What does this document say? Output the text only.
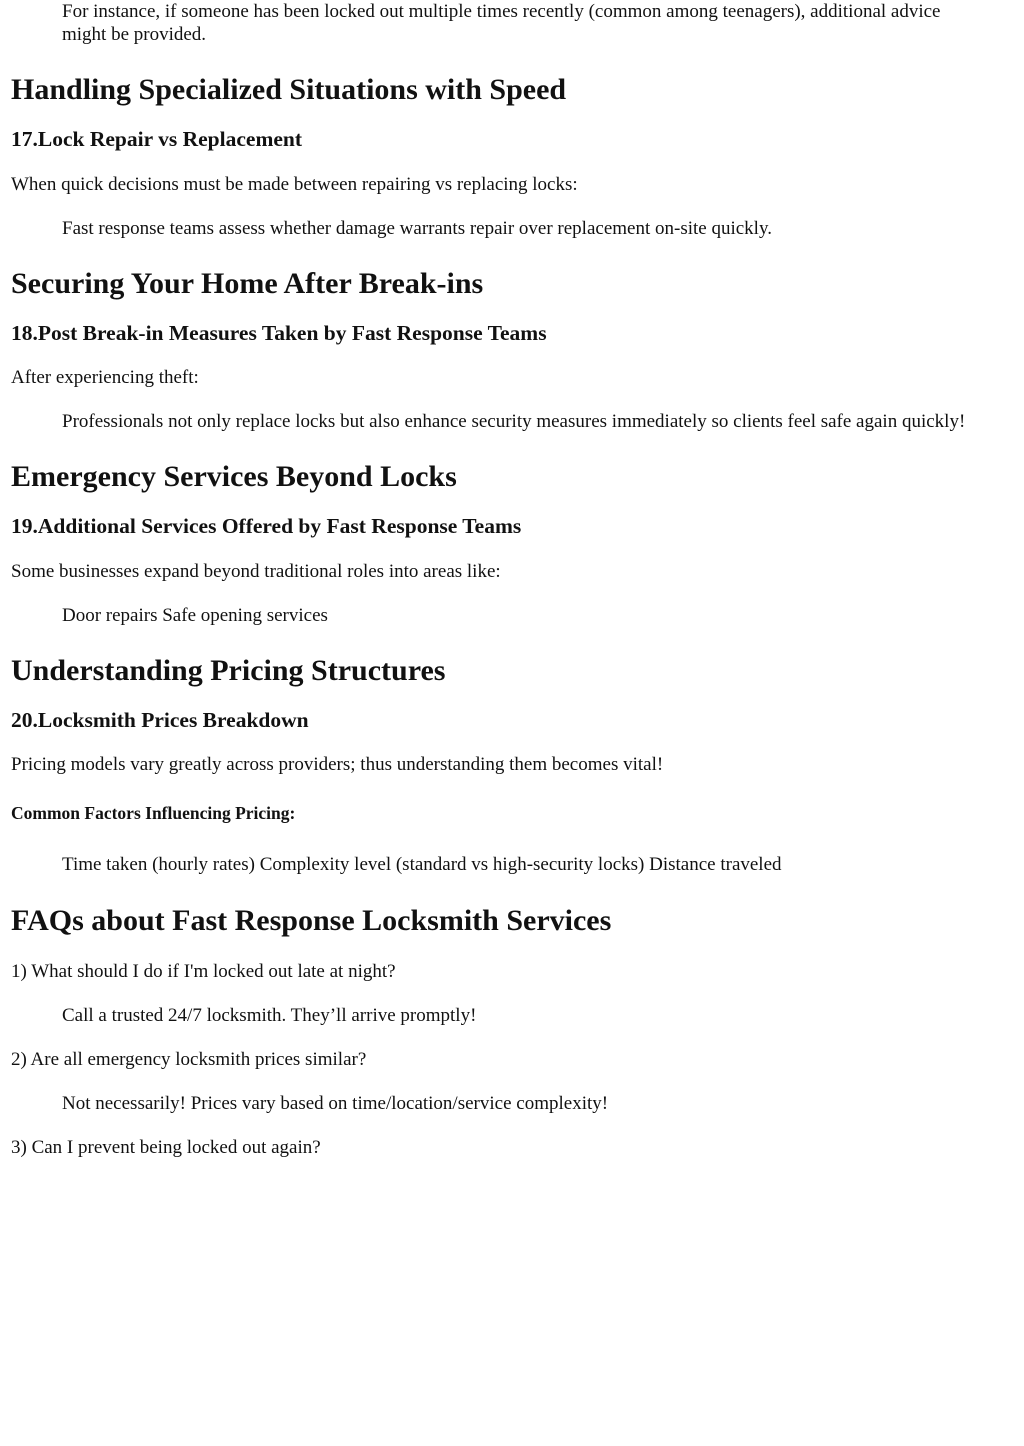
For instance, if someone has been locked out multiple times recently (common among teenagers), additional advice might be provided.

Handling Specialized Situations with Speed
17.Lock Repair vs Replacement

When quick decisions must be made between repairing vs replacing locks:

Fast response teams assess whether damage warrants repair over replacement on-site quickly.

Securing Your Home After Break-ins
18.Post Break-in Measures Taken by Fast Response Teams

After experiencing theft:

Professionals not only replace locks but also enhance security measures immediately so clients feel safe again quickly!

Emergency Services Beyond Locks
19.Additional Services Offered by Fast Response Teams

Some businesses expand beyond traditional roles into areas like:

Door repairs Safe opening services

Understanding Pricing Structures
20.Locksmith Prices Breakdown

Pricing models vary greatly across providers; thus understanding them becomes vital!

Common Factors Influencing Pricing:

Time taken (hourly rates) Complexity level (standard vs high-security locks) Distance traveled

FAQs about Fast Response Locksmith Services

1) What should I do if I'm locked out late at night?

Call a trusted 24/7 locksmith. They’ll arrive promptly!

2) Are all emergency locksmith prices similar?

Not necessarily! Prices vary based on time/location/service complexity!

3) Can I prevent being locked out again?
